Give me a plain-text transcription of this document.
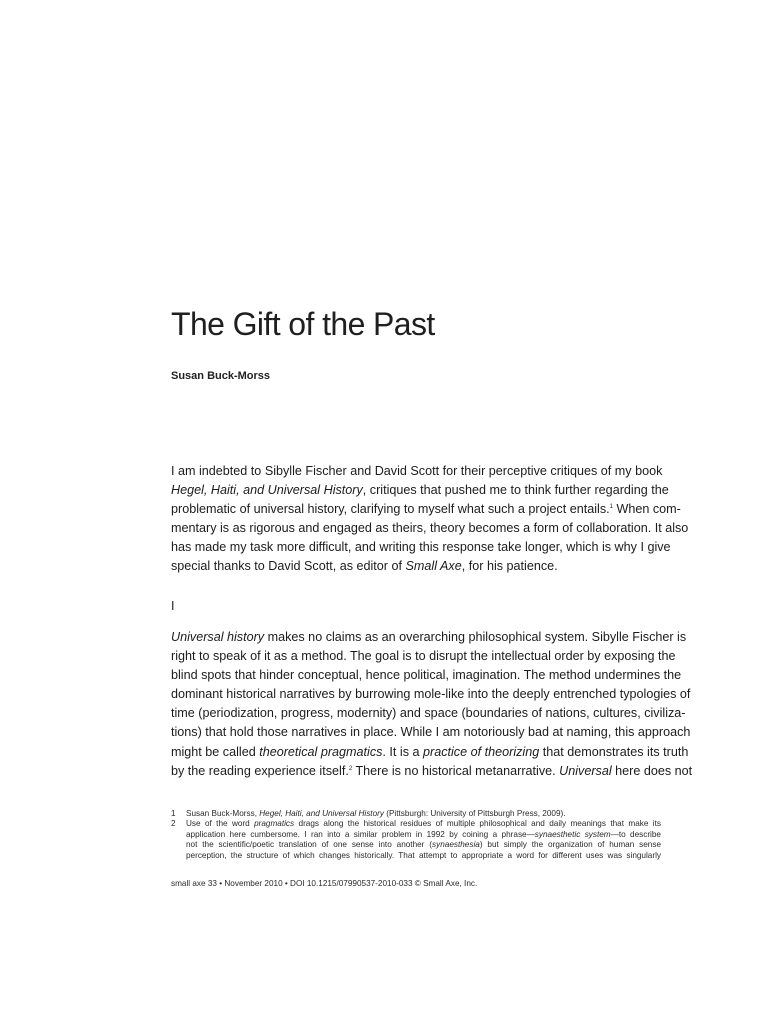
The Gift of the Past

Susan Buck-Morss

I am indebted to Sibylle Fischer and David Scott for their perceptive critiques of my book
Hegel, Haiti, and Universal History, critiques that pushed me to think further regarding the
problematic of universal history, clarifying to myself what such a project entails.$^1$ When com-
mentary is as rigorous and engaged as theirs, theory becomes a form of collaboration. It also
has made my task more difficult, and writing this response take longer, which is why I give
special thanks to David Scott, as editor of Small Axe, for his patience.

I

Universal history makes no claims as an overarching philosophical system. Sibylle Fischer is
right to speak of it as a method. The goal is to disrupt the intellectual order by exposing the
blind spots that hinder conceptual, hence political, imagination. The method undermines the
dominant historical narratives by burrowing mole-like into the deeply entrenched typologies of
time (periodization, progress, modernity) and space (boundaries of nations, cultures, civiliza-
tions) that hold those narratives in place. While I am notoriously bad at naming, this approach
might be called theoretical pragmatics. It is a practice of theorizing that demonstrates its truth
by the reading experience itself.$^2$ There is no historical metanarrative. Universal here does not

1	Susan Buck-Morss, Hegel, Haiti, and Universal History (Pittsburgh: University of Pittsburgh Press, 2009).
2	Use of the word pragmatics drags along the historical residues of multiple philosophical and daily meanings that make its
application here cumbersome. I ran into a similar problem in 1992 by coining a phrase—synaesthetic system—to describe
not the scientific/poetic translation of one sense into another (synaesthesia) but simply the organization of human sense
perception, the structure of which changes historically. That attempt to appropriate a word for different uses was singularly
small axe 33 • November 2010 • DOI 10.1215/07990537-2010-033 © Small Axe, Inc.
